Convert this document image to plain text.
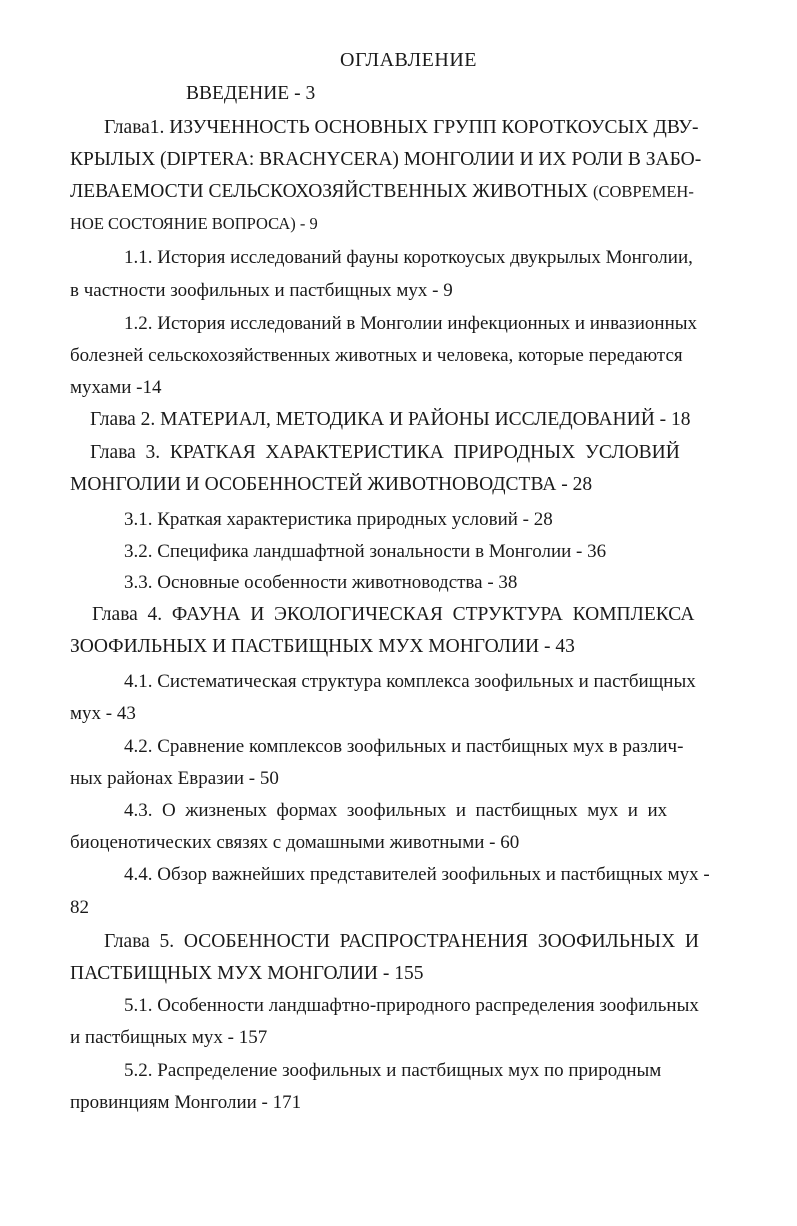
ОГЛАВЛЕНИЕ
ВВЕДЕНИЕ - 3
Глава1. ИЗУЧЕННОСТЬ ОСНОВНЫХ ГРУПП КОРОТКОУСЫХ ДВУ-
КРЫЛЫХ (DIPTERA: BRACHYCERA) МОНГОЛИИ И ИХ РОЛИ В ЗАБО-
ЛЕВАЕМОСТИ СЕЛЬСКОХОЗЯЙСТВЕННЫХ ЖИВОТНЫХ (СОВРЕМЕН-
НОЕ СОСТОЯНИЕ ВОПРОСА) - 9
1.1. История исследований фауны короткоусых двукрылых Монголии,
в частности зоофильных и пастбищных мух - 9
1.2. История исследований в Монголии инфекционных и инвазионных
болезней сельскохозяйственных животных и человека, которые передаются
мухами -14
Глава 2. МАТЕРИАЛ, МЕТОДИКА И РАЙОНЫ ИССЛЕДОВАНИЙ - 18
Глава  3.  КРАТКАЯ  ХАРАКТЕРИСТИКА  ПРИРОДНЫХ  УСЛОВИЙ
МОНГОЛИИ И ОСОБЕННОСТЕЙ ЖИВОТНОВОДСТВА - 28
3.1. Краткая характеристика природных условий - 28
3.2. Специфика ландшафтной зональности в Монголии - 36
3.3. Основные особенности животноводства - 38
Глава  4.  ФАУНА  И  ЭКОЛОГИЧЕСКАЯ  СТРУКТУРА  КОМПЛЕКСА
ЗООФИЛЬНЫХ И ПАСТБИЩНЫХ МУХ МОНГОЛИИ - 43
4.1. Систематическая структура комплекса зоофильных и пастбищных
мух - 43
4.2. Сравнение комплексов зоофильных и пастбищных мух в различ-
ных районах Евразии - 50
4.3.  О  жизненых  формах  зоофильных  и  пастбищных  мух  и  их
биоценотических связях с домашными животными - 60
4.4. Обзор важнейших представителей зоофильных и пастбищных мух -
82
Глава  5.  ОСОБЕННОСТИ  РАСПРОСТРАНЕНИЯ  ЗООФИЛЬНЫХ  И
ПАСТБИЩНЫХ МУХ МОНГОЛИИ - 155
5.1. Особенности ландшафтно-природного распределения зоофильных
и пастбищных мух - 157
5.2. Распределение зоофильных и пастбищных мух по природным
провинциям Монголии - 171
